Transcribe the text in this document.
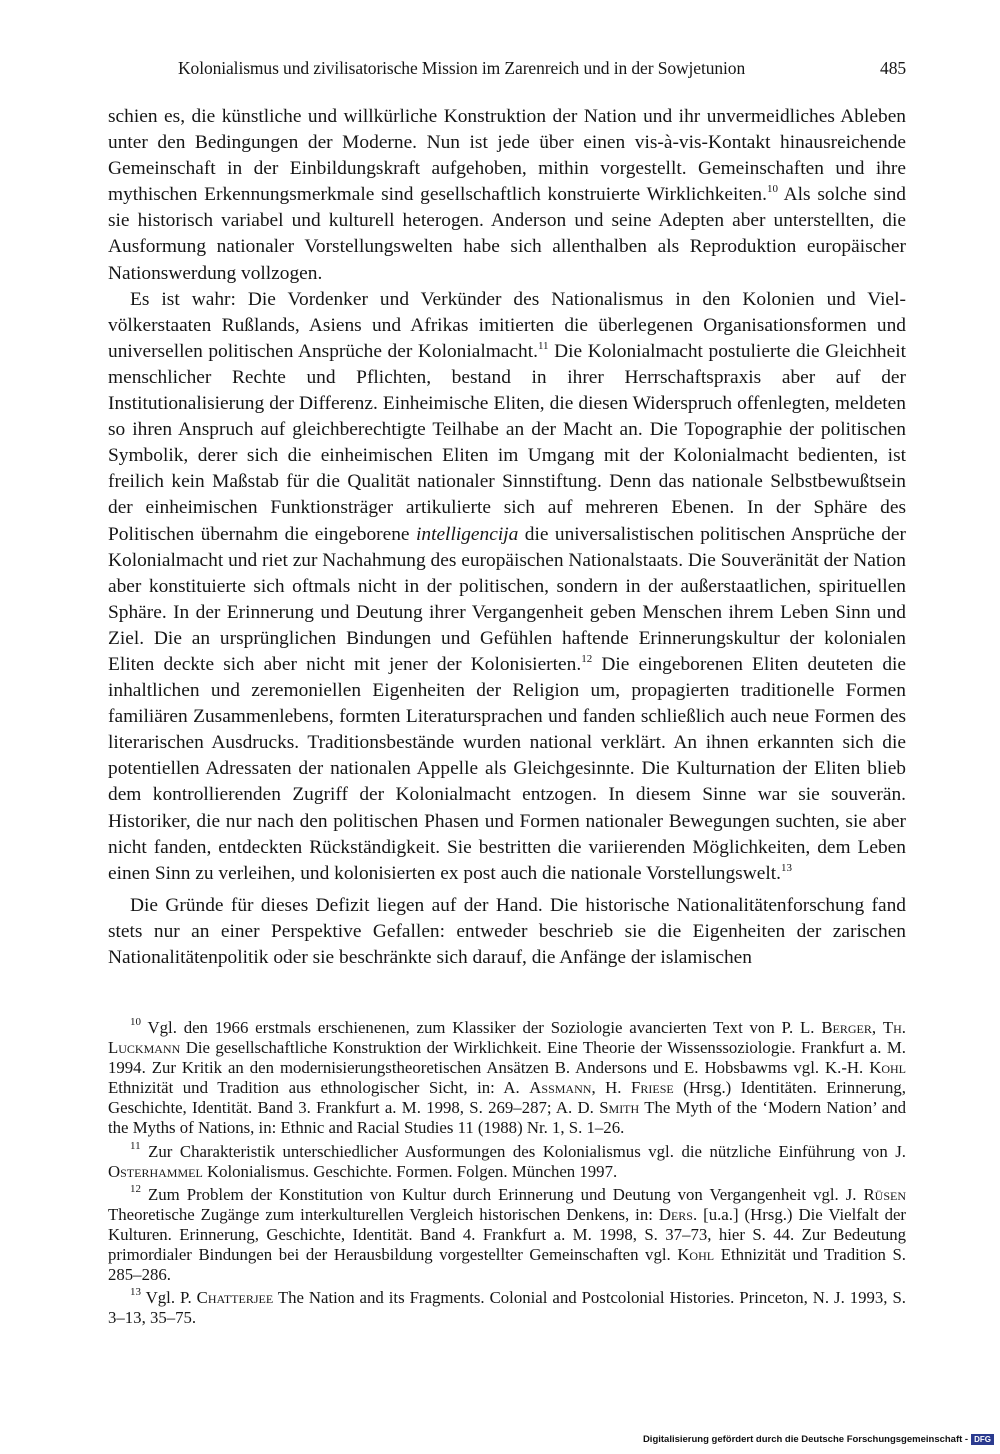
Kolonialismus und zivilisatorische Mission im Zarenreich und in der Sowjetunion	485

schien es, die künstliche und willkürliche Konstruktion der Nation und ihr unvermeidliches Ableben unter den Bedingungen der Moderne. Nun ist jede über einen vis-à-vis-Kontakt hinausreichende Gemeinschaft in der Einbildungskraft aufgehoben, mithin vorgestellt. Gemeinschaften und ihre mythischen Erkennungsmerkmale sind gesellschaftlich konstruierte Wirklichkeiten.$^{10}$ Als solche sind sie historisch variabel und kulturell heterogen. Anderson und seine Adepten aber unterstellten, die Ausformung nationaler Vorstellungswelten habe sich allenthalben als Reproduktion europäischer Nationswerdung vollzogen.

Es ist wahr: Die Vordenker und Verkünder des Nationalismus in den Kolonien und Vielvölkerstaaten Rußlands, Asiens und Afrikas imitierten die überlegenen Organisationsformen und universellen politischen Ansprüche der Kolonialmacht.$^{11}$ Die Kolonialmacht postulierte die Gleichheit menschlicher Rechte und Pflichten, bestand in ihrer Herrschaftspraxis aber auf der Institutionalisierung der Differenz. Einheimische Eliten, die diesen Widerspruch offenlegten, meldeten so ihren Anspruch auf gleichberechtigte Teilhabe an der Macht an. Die Topographie der politischen Symbolik, derer sich die einheimischen Eliten im Umgang mit der Kolonialmacht bedienten, ist freilich kein Maßstab für die Qualität nationaler Sinnstiftung. Denn das nationale Selbstbewußtsein der einheimischen Funktionsträger artikulierte sich auf mehreren Ebenen. In der Sphäre des Politischen übernahm die eingeborene intelligencija die universalistischen politischen Ansprüche der Kolonialmacht und riet zur Nachahmung des europäischen Nationalstaats. Die Souveränität der Nation aber konstituierte sich oftmals nicht in der politischen, sondern in der außerstaatlichen, spirituellen Sphäre. In der Erinnerung und Deutung ihrer Vergangenheit geben Menschen ihrem Leben Sinn und Ziel. Die an ursprünglichen Bindungen und Gefühlen haftende Erinnerungskultur der kolonialen Eliten deckte sich aber nicht mit jener der Kolonisierten.$^{12}$ Die eingeborenen Eliten deuteten die inhaltlichen und zeremoniellen Eigenheiten der Religion um, propagierten traditionelle Formen familiären Zusammenlebens, formten Literatursprachen und fanden schließlich auch neue Formen des literarischen Ausdrucks. Traditionsbestände wurden national verklärt. An ihnen erkannten sich die potentiellen Adressaten der nationalen Appelle als Gleichgesinnte. Die Kulturnation der Eliten blieb dem kontrollierenden Zugriff der Kolonialmacht entzogen. In diesem Sinne war sie souverän. Historiker, die nur nach den politischen Phasen und Formen nationaler Bewegungen suchten, sie aber nicht fanden, entdeckten Rückständigkeit. Sie bestritten die variierenden Möglichkeiten, dem Leben einen Sinn zu verleihen, und kolonisierten ex post auch die nationale Vorstellungswelt.$^{13}$

Die Gründe für dieses Defizit liegen auf der Hand. Die historische Nationalitätenforschung fand stets nur an einer Perspektive Gefallen: entweder beschrieb sie die Eigenheiten der zarischen Nationalitätenpolitik oder sie beschränkte sich darauf, die Anfänge der islamischen

$^{10}$ Vgl. den 1966 erstmals erschienenen, zum Klassiker der Soziologie avancierten Text von P. L. Berger, Th. Luckmann Die gesellschaftliche Konstruktion der Wirklichkeit. Eine Theorie der Wissenssoziologie. Frankfurt a. M. 1994. Zur Kritik an den modernisierungstheoretischen Ansätzen B. Andersons und E. Hobsbawms vgl. K.-H. Kohl Ethnizität und Tradition aus ethnologischer Sicht, in: A. Assmann, H. Friese (Hrsg.) Identitäten. Erinnerung, Geschichte, Identität. Band 3. Frankfurt a. M. 1998, S. 269–287; A. D. Smith The Myth of the ‘Modern Nation’ and the Myths of Nations, in: Ethnic and Racial Studies 11 (1988) Nr. 1, S. 1–26.

$^{11}$ Zur Charakteristik unterschiedlicher Ausformungen des Kolonialismus vgl. die nützliche Einführung von J. Osterhammel Kolonialismus. Geschichte. Formen. Folgen. München 1997.

$^{12}$ Zum Problem der Konstitution von Kultur durch Erinnerung und Deutung von Vergangenheit vgl. J. Rüsen Theoretische Zugänge zum interkulturellen Vergleich historischen Denkens, in: Ders. [u.a.] (Hrsg.) Die Vielfalt der Kulturen. Erinnerung, Geschichte, Identität. Band 4. Frankfurt a. M. 1998, S. 37–73, hier S. 44. Zur Bedeutung primordialer Bindungen bei der Herausbildung vorgestellter Gemeinschaften vgl. Kohl Ethnizität und Tradition S. 285–286.

$^{13}$ Vgl. P. Chatterjee The Nation and its Fragments. Colonial and Postcolonial Histories. Princeton, N. J. 1993, S. 3–13, 35–75.

Digitalisierung gefördert durch die Deutsche Forschungsgemeinschaft - DFG
